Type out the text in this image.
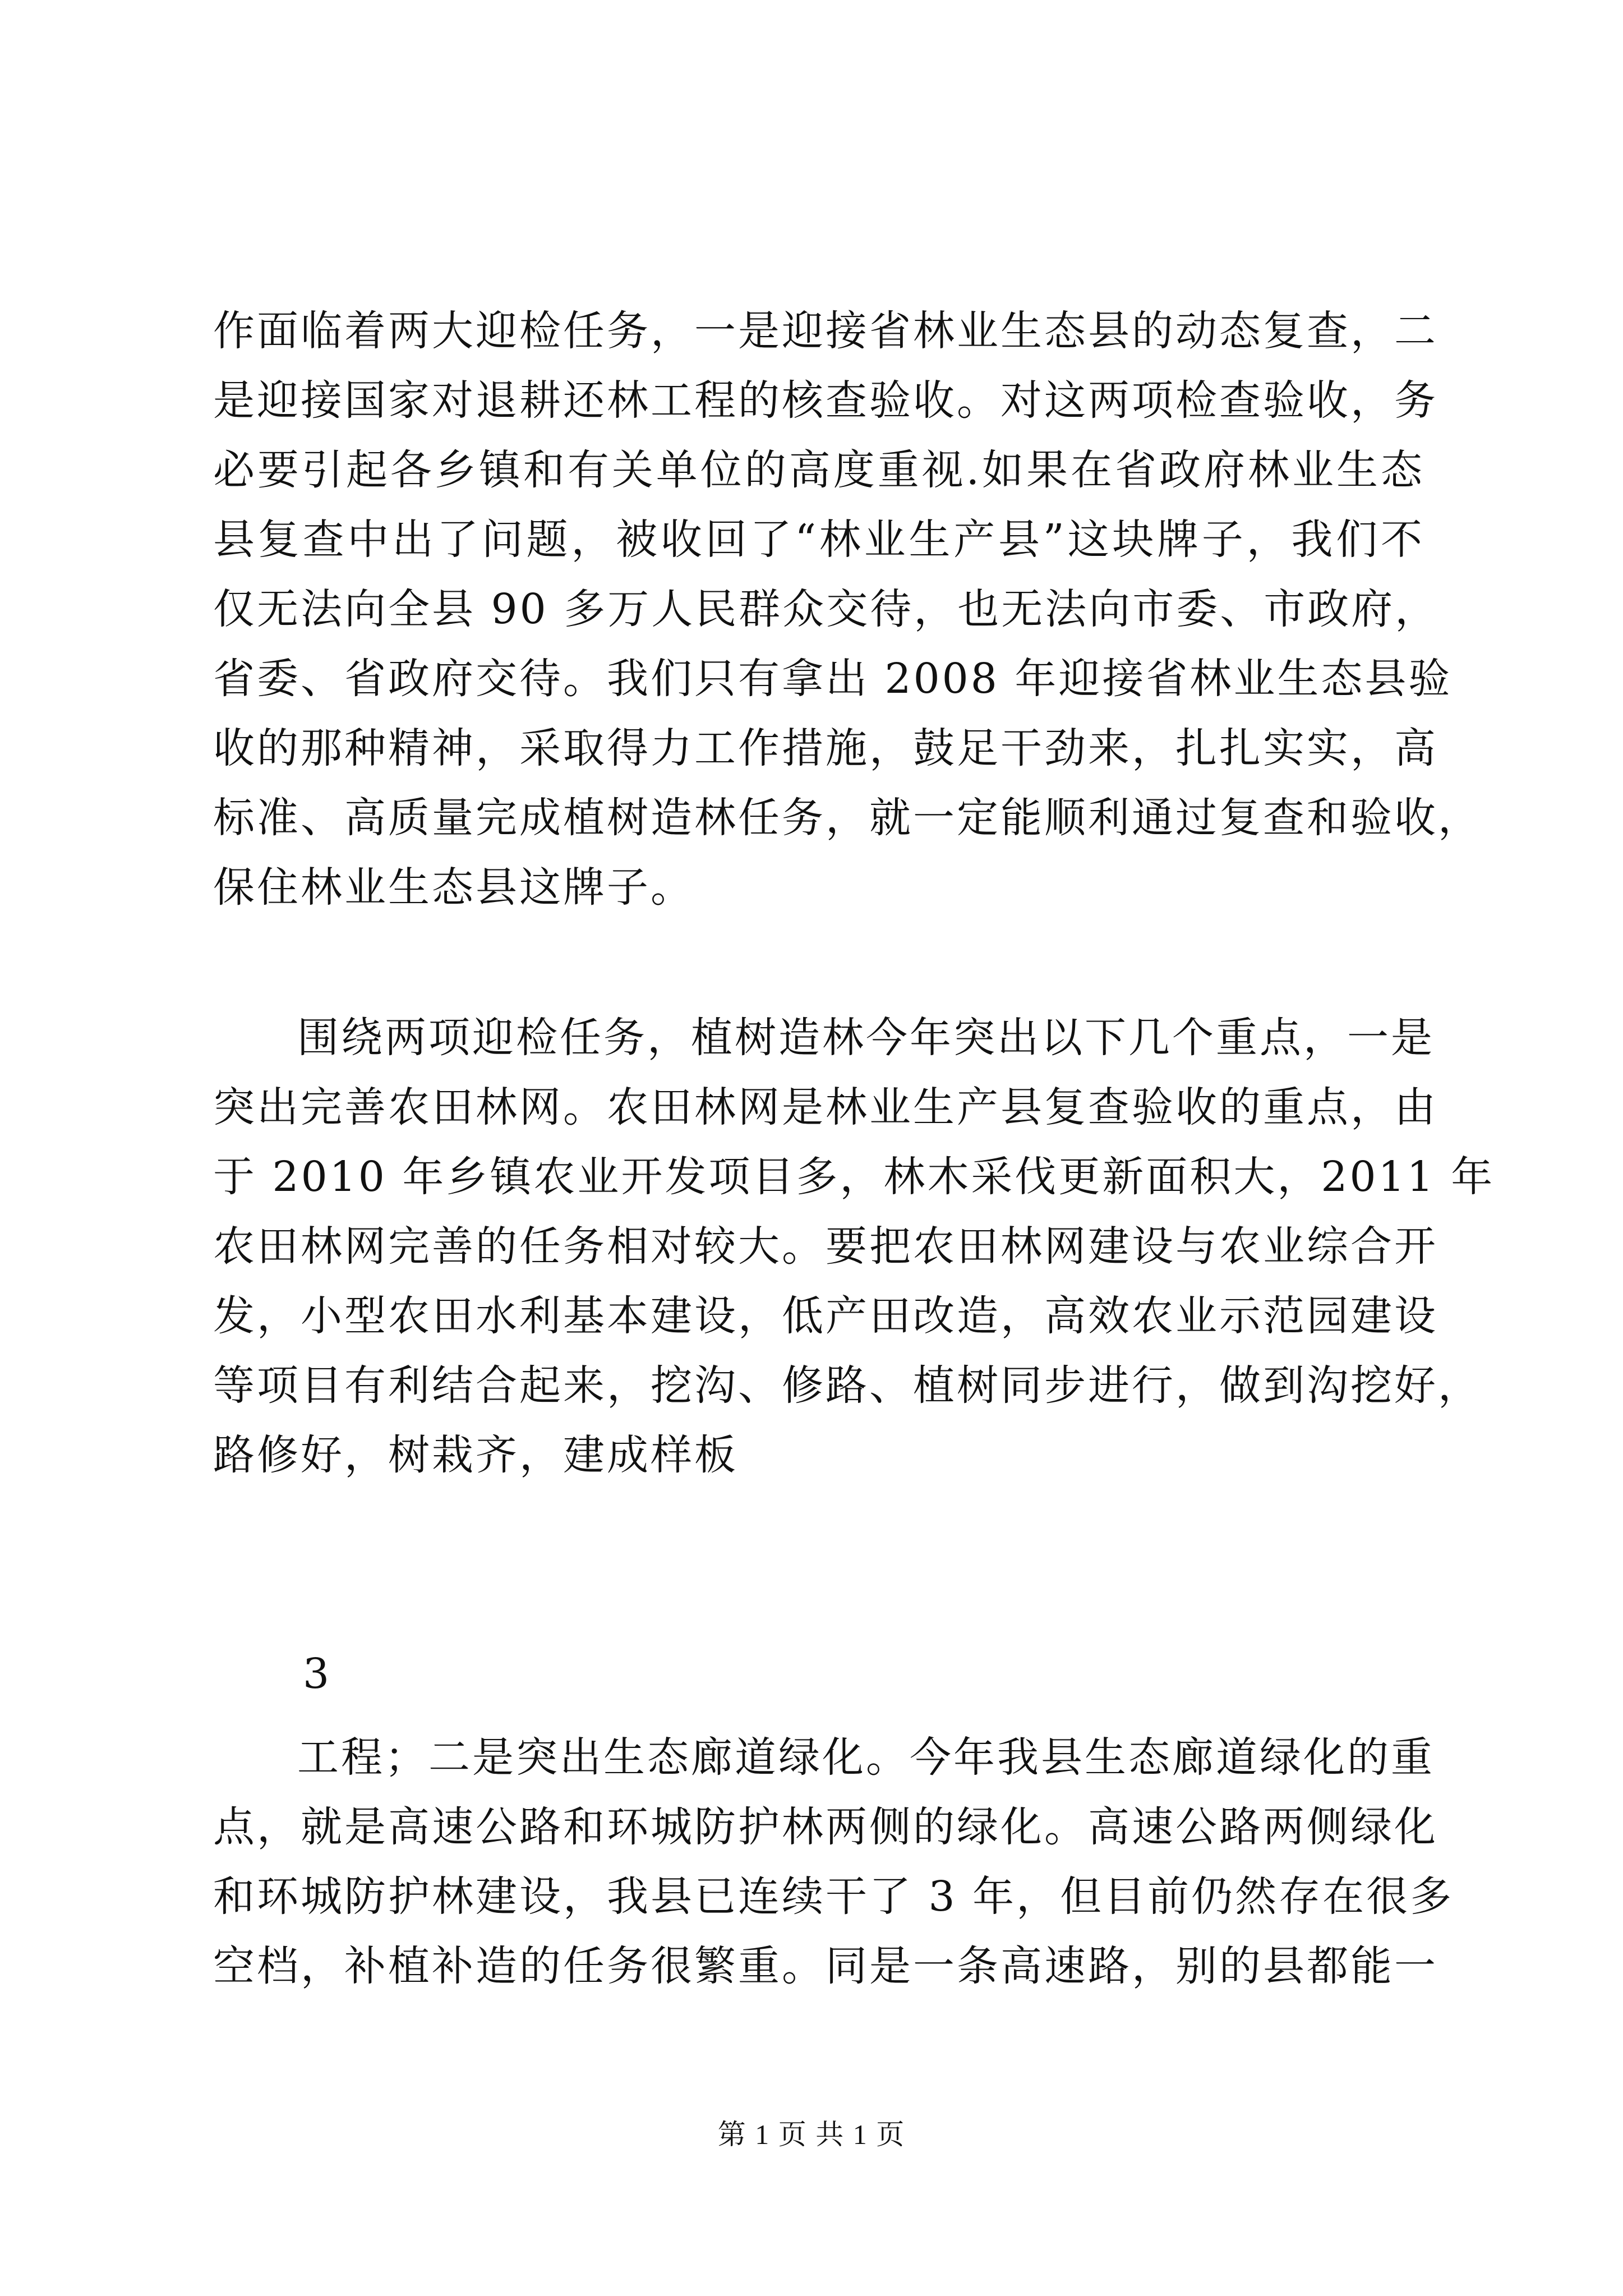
作面临着两大迎检任务，一是迎接省林业生态县的动态复查，二
是迎接国家对退耕还林工程的核查验收。对这两项检查验收，务
必要引起各乡镇和有关单位的高度重视.如果在省政府林业生态
县复查中出了问题，被收回了“林业生产县”这块牌子，我们不
仅无法向全县 90 多万人民群众交待，也无法向市委、市政府，
省委、省政府交待。我们只有拿出 2008 年迎接省林业生态县验
收的那种精神，采取得力工作措施，鼓足干劲来，扎扎实实，高
标准、高质量完成植树造林任务，就一定能顺利通过复查和验收，
保住林业生态县这牌子。
围绕两项迎检任务，植树造林今年突出以下几个重点，一是
突出完善农田林网。农田林网是林业生产县复查验收的重点，由
于 2010 年乡镇农业开发项目多，林木采伐更新面积大，2011 年
农田林网完善的任务相对较大。要把农田林网建设与农业综合开
发，小型农田水利基本建设，低产田改造，高效农业示范园建设
等项目有利结合起来，挖沟、修路、植树同步进行，做到沟挖好，
路修好，树栽齐，建成样板
3
工程；二是突出生态廊道绿化。今年我县生态廊道绿化的重
点，就是高速公路和环城防护林两侧的绿化。高速公路两侧绿化
和环城防护林建设，我县已连续干了 3 年，但目前仍然存在很多
空档，补植补造的任务很繁重。同是一条高速路，别的县都能一
第 1 页 共 1 页
